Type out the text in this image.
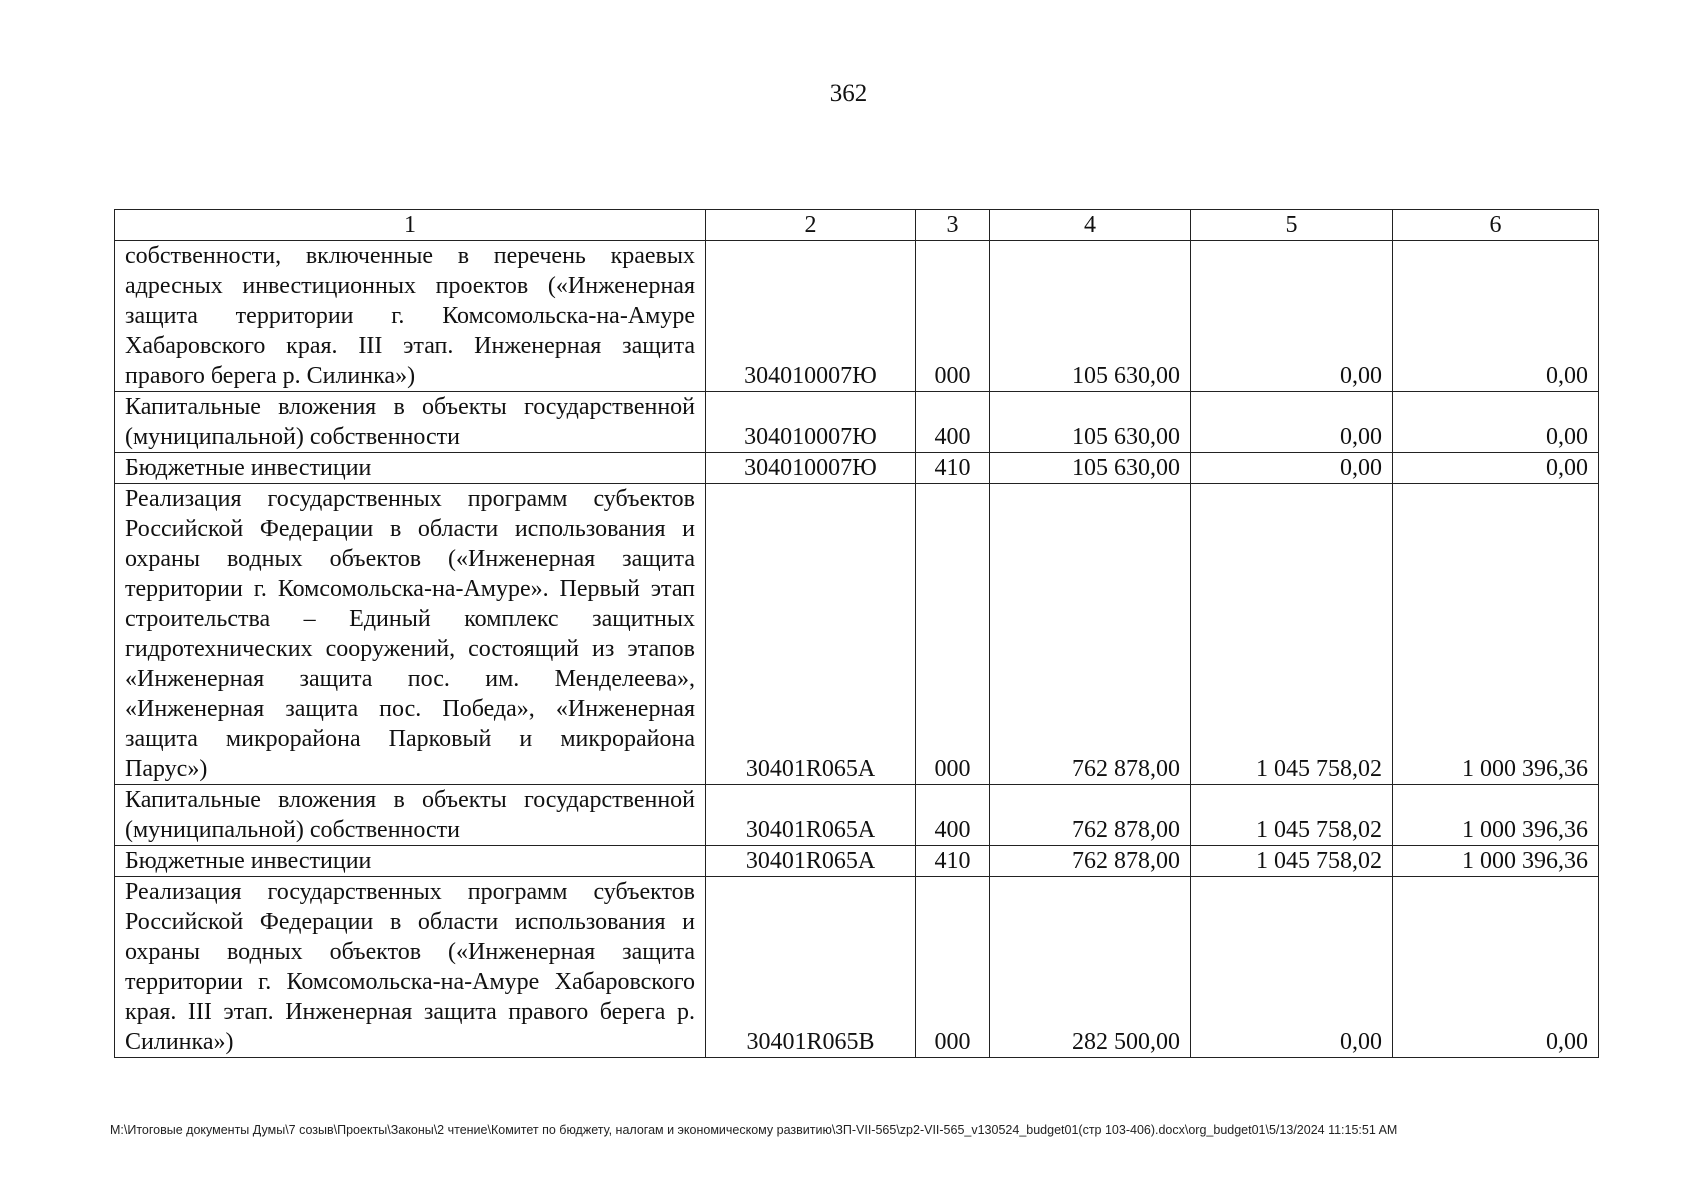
362
1	2	3	4	5	6
собственности, включенные в перечень краевых адресных инвестиционных проектов («Инженерная защита территории г. Комсомольска-на-Амуре Хабаровского края. III этап. Инженерная защита правого берега р. Силинка»)	304010007Ю	000	105 630,00	0,00	0,00
Капитальные вложения в объекты государственной (муниципальной) собственности	304010007Ю	400	105 630,00	0,00	0,00
Бюджетные инвестиции	304010007Ю	410	105 630,00	0,00	0,00
Реализация государственных программ субъектов Российской Федерации в области использования и охраны водных объектов («Инженерная защита территории г. Комсомольска-на-Амуре». Первый этап строительства – Единый комплекс защитных гидротехнических сооружений, состоящий из этапов «Инженерная защита пос. им. Менделеева», «Инженерная защита пос. Победа», «Инженерная защита микрорайона Парковый и микрорайона Парус»)	30401R065A	000	762 878,00	1 045 758,02	1 000 396,36
Капитальные вложения в объекты государственной (муниципальной) собственности	30401R065A	400	762 878,00	1 045 758,02	1 000 396,36
Бюджетные инвестиции	30401R065A	410	762 878,00	1 045 758,02	1 000 396,36
Реализация государственных программ субъектов Российской Федерации в области использования и охраны водных объектов («Инженерная защита территории г. Комсомольска-на-Амуре Хабаровского края. III этап. Инженерная защита правого берега р. Силинка»)	30401R065B	000	282 500,00	0,00	0,00
M:\Итоговые документы Думы\7 созыв\Проекты\Законы\2 чтение\Комитет по бюджету, налогам и экономическому развитию\ЗП-VII-565\zp2-VII-565_v130524_budget01(стр 103-406).docx\org_budget01\5/13/2024 11:15:51 AM
